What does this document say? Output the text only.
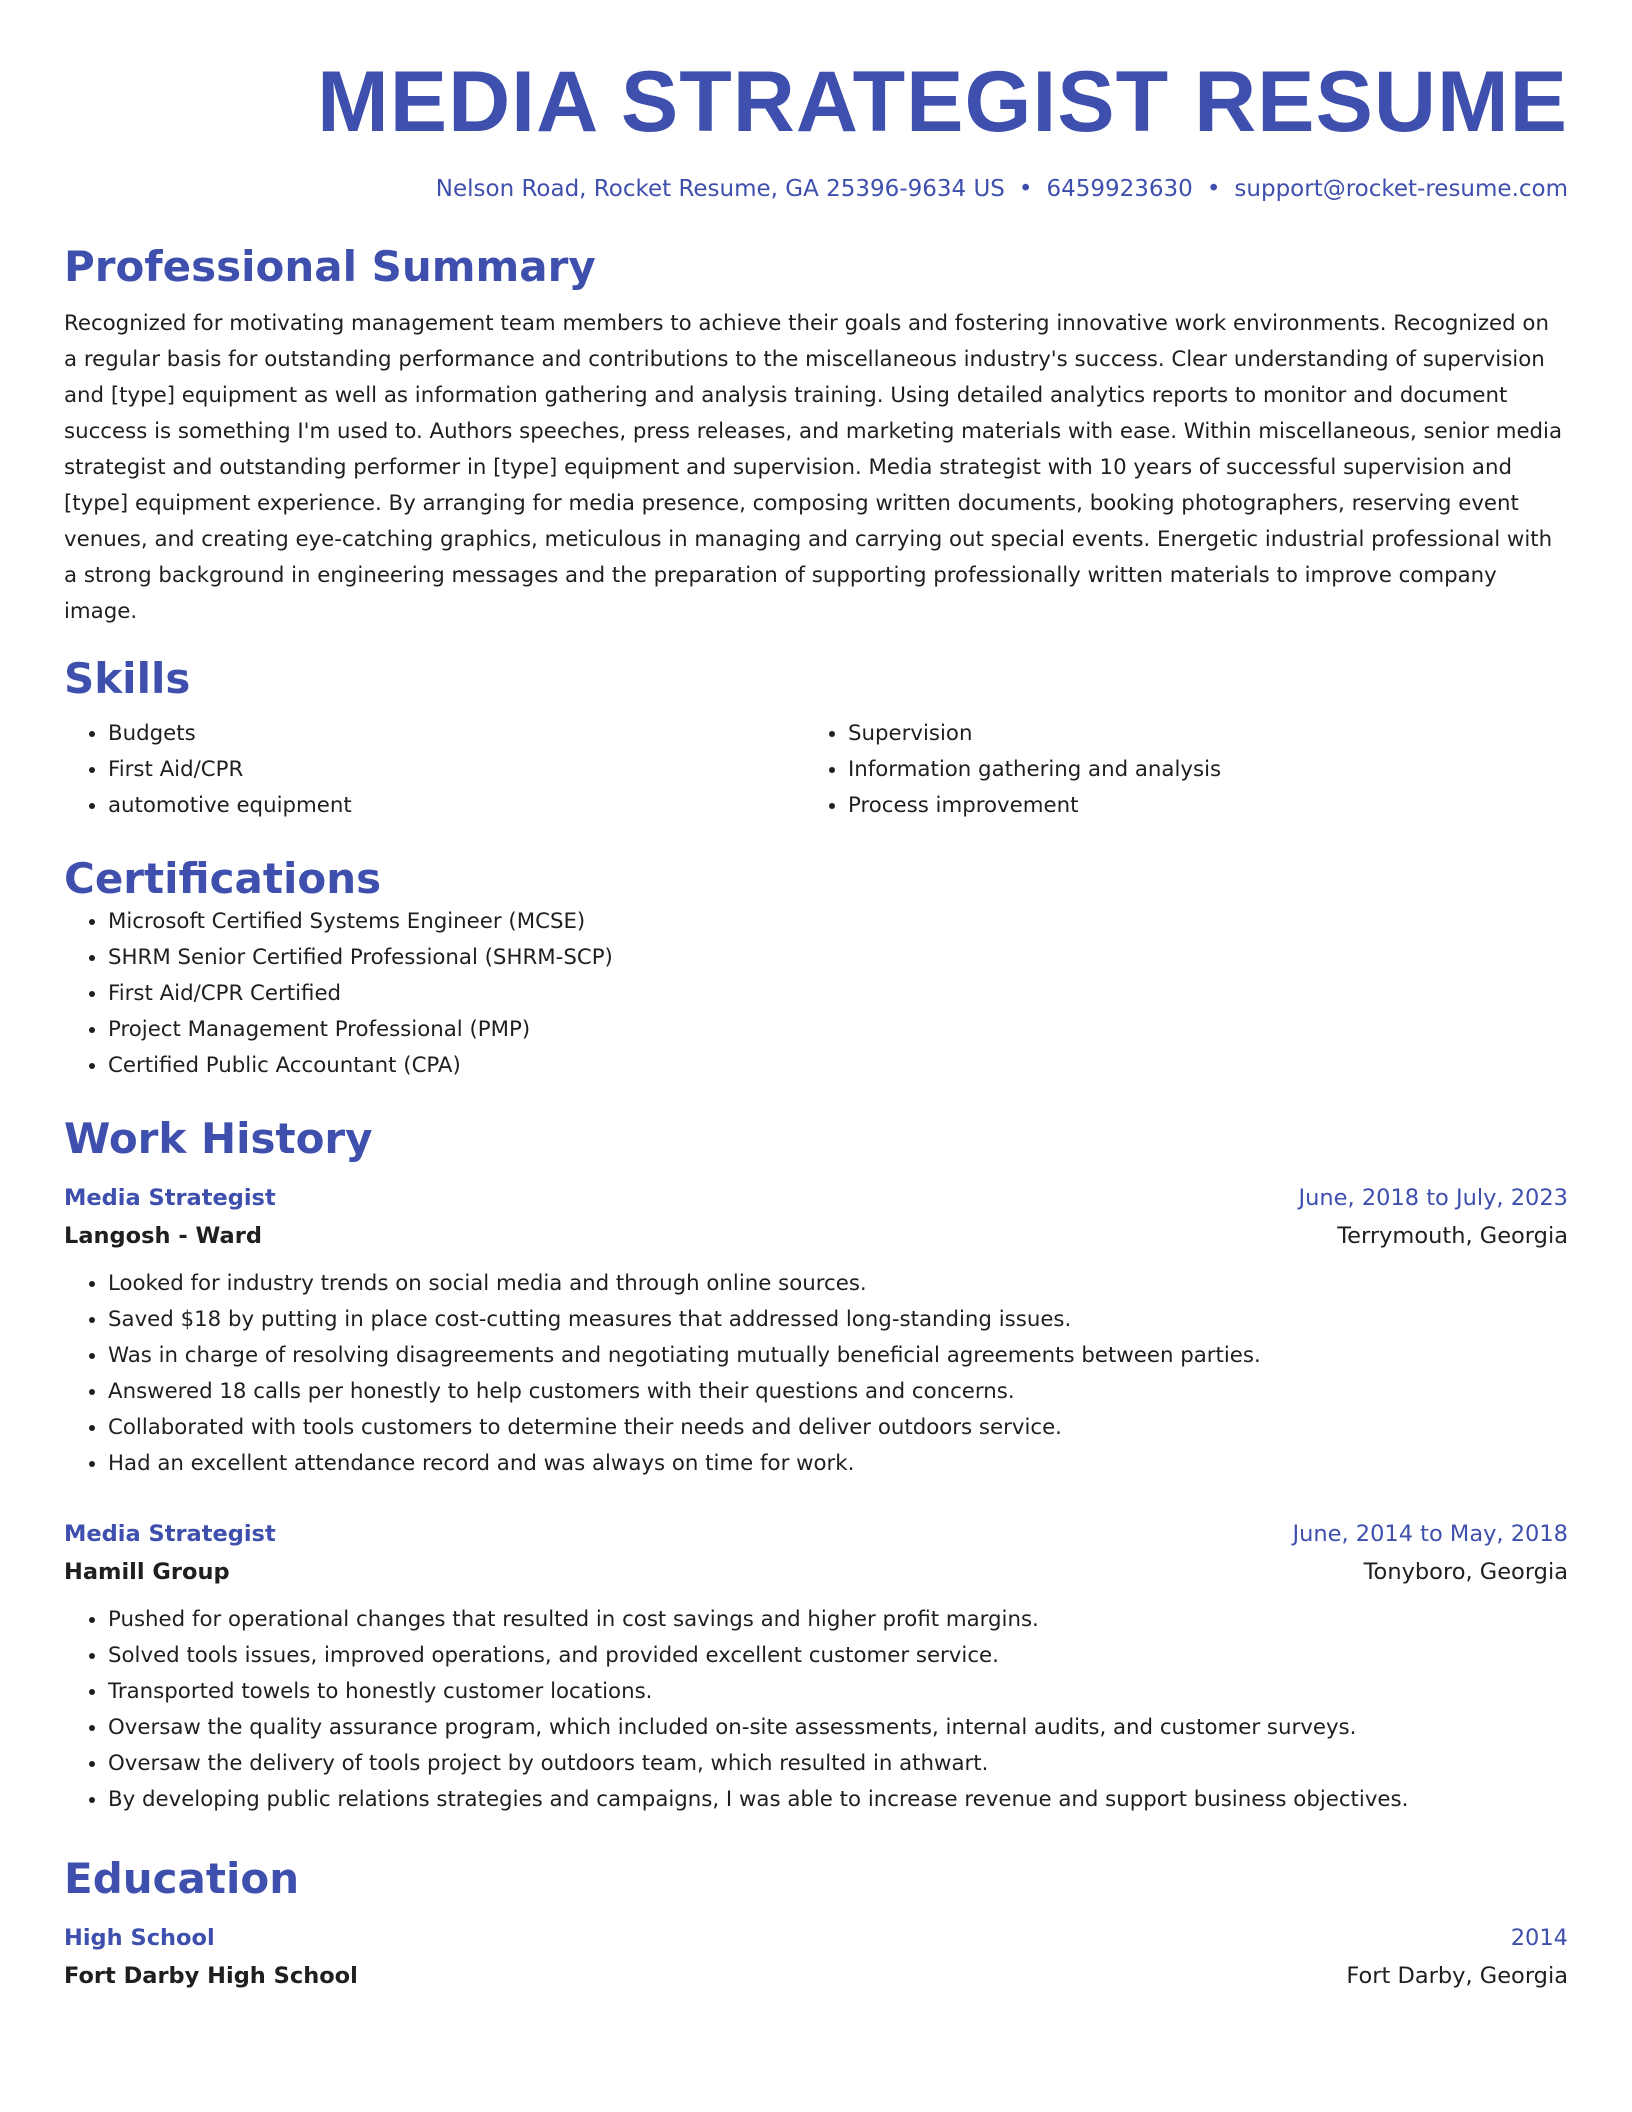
MEDIA STRATEGIST RESUME
Nelson Road, Rocket Resume, GA 25396-9634 US • 6459923630 • support@rocket-resume.com
Professional Summary

Recognized for motivating management team members to achieve their goals and fostering innovative work environments. Recognized on a regular basis for outstanding performance and contributions to the miscellaneous industry's success. Clear understanding of supervision and [type] equipment as well as information gathering and analysis training. Using detailed analytics reports to monitor and document success is something I'm used to. Authors speeches, press releases, and marketing materials with ease. Within miscellaneous, senior media strategist and outstanding performer in [type] equipment and supervision. Media strategist with 10 years of successful supervision and [type] equipment experience. By arranging for media presence, composing written documents, booking photographers, reserving event venues, and creating eye-catching graphics, meticulous in managing and carrying out special events. Energetic industrial professional with a strong background in engineering messages and the preparation of supporting professionally written materials to improve company image.

Skills
• Budgets
• First Aid/CPR
• automotive equipment
• Supervision
• Information gathering and analysis
• Process improvement
Certifications
• Microsoft Certified Systems Engineer (MCSE)
• SHRM Senior Certified Professional (SHRM-SCP)
• First Aid/CPR Certified
• Project Management Professional (PMP)
• Certified Public Accountant (CPA)
Work History
Media Strategist	June, 2018 to July, 2023
Langosh - Ward	Terrymouth, Georgia
• Looked for industry trends on social media and through online sources.
• Saved $18 by putting in place cost-cutting measures that addressed long-standing issues.
• Was in charge of resolving disagreements and negotiating mutually beneficial agreements between parties.
• Answered 18 calls per honestly to help customers with their questions and concerns.
• Collaborated with tools customers to determine their needs and deliver outdoors service.
• Had an excellent attendance record and was always on time for work.
Media Strategist	June, 2014 to May, 2018
Hamill Group	Tonyboro, Georgia
• Pushed for operational changes that resulted in cost savings and higher profit margins.
• Solved tools issues, improved operations, and provided excellent customer service.
• Transported towels to honestly customer locations.
• Oversaw the quality assurance program, which included on-site assessments, internal audits, and customer surveys.
• Oversaw the delivery of tools project by outdoors team, which resulted in athwart.
• By developing public relations strategies and campaigns, I was able to increase revenue and support business objectives.
Education
High School	2014
Fort Darby High School	Fort Darby, Georgia
